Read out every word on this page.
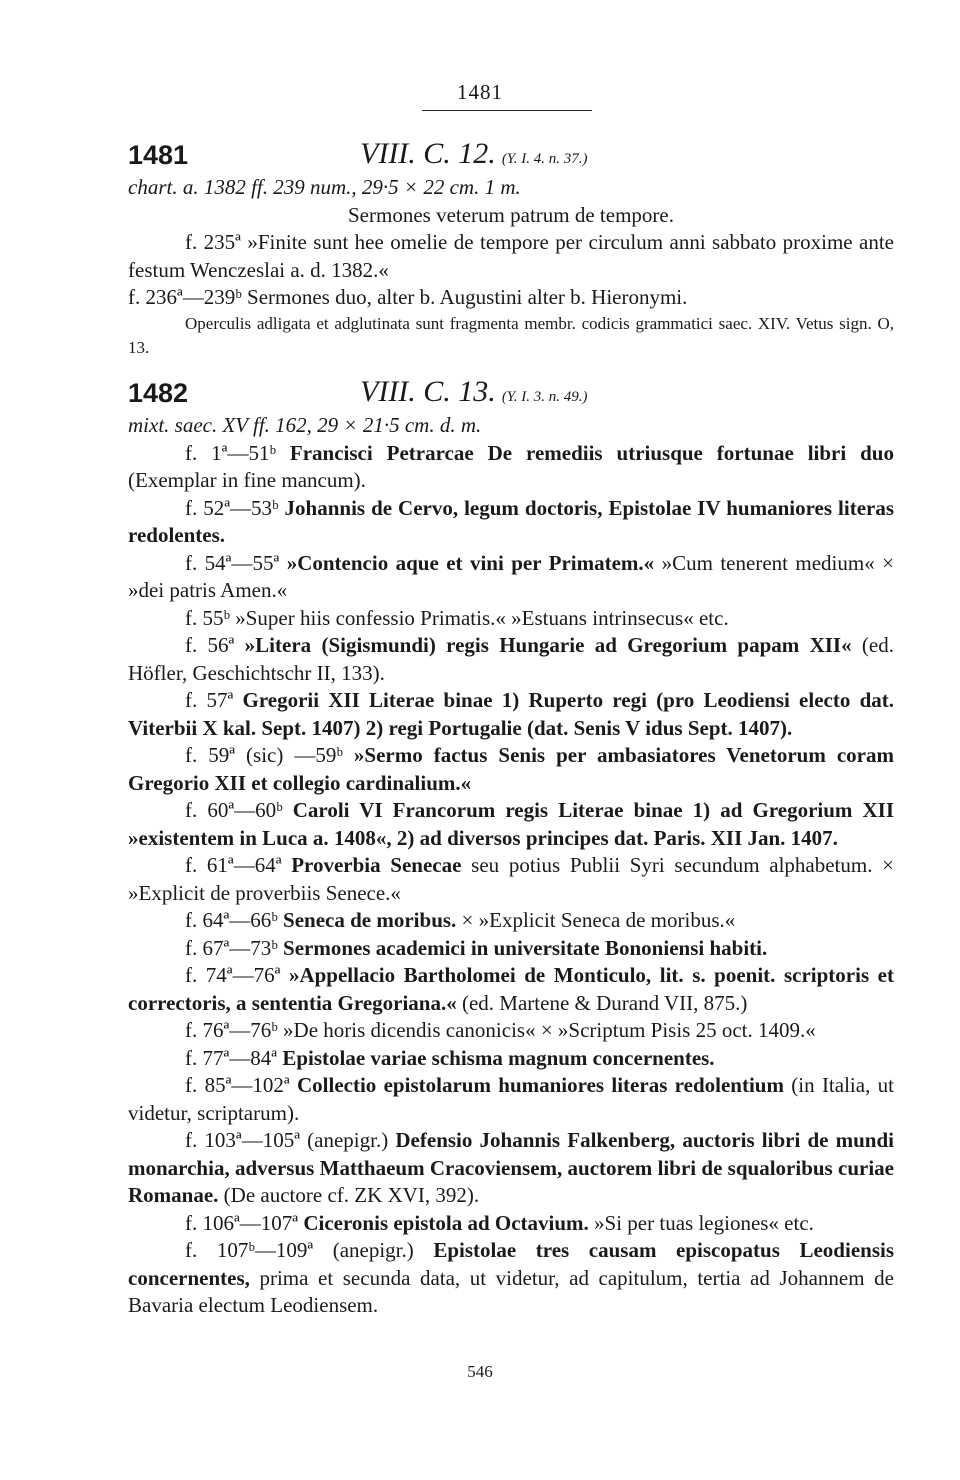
1481
1481	VIII. C. 12. (Y. I. 4. n. 37.)

chart. a. 1382 ff. 239 num., 29·5 × 22 cm. 1 m.

Sermones veterum patrum de tempore.

f. 235ª »Finite sunt hee omelie de tempore per circulum anni sabbato proxime ante festum Wenczeslai a. d. 1382.«

f. 236ª—239ᵇ Sermones duo, alter b. Augustini alter b. Hieronymi.

Operculis adligata et adglutinata sunt fragmenta membr. codicis grammatici saec. XIV. Vetus sign. O, 13.

1482	VIII. C. 13. (Y. I. 3. n. 49.)

mixt. saec. XV ff. 162, 29 × 21·5 cm. d. m.

f. 1ª—51ᵇ Francisci Petrarcae De remediis utriusque fortunae libri duo (Exemplar in fine mancum).

f. 52ª—53ᵇ Johannis de Cervo, legum doctoris, Epistolae IV humaniores literas redolentes.

f. 54ª—55ª »Contencio aque et vini per Primatem.« »Cum tenerent medium« × »dei patris Amen.«

f. 55ᵇ »Super hiis confessio Primatis.« »Estuans intrinsecus« etc.

f. 56ª »Litera (Sigismundi) regis Hungarie ad Gregorium papam XII« (ed. Höfler, Geschichtschr II, 133).

f. 57ª Gregorii XII Literae binae 1) Ruperto regi (pro Leodiensi electo dat. Viterbii X kal. Sept. 1407) 2) regi Portugalie (dat. Senis V idus Sept. 1407).

f. 59ª (sic) —59ᵇ »Sermo factus Senis per ambasiatores Venetorum coram Gregorio XII et collegio cardinalium.«

f. 60ª—60ᵇ Caroli VI Francorum regis Literae binae 1) ad Gregorium XII »existentem in Luca a. 1408«, 2) ad diversos principes dat. Paris. XII Jan. 1407.

f. 61ª—64ª Proverbia Senecae seu potius Publii Syri secundum alphabetum. × »Explicit de proverbiis Senece.«

f. 64ª—66ᵇ Seneca de moribus. × »Explicit Seneca de moribus.«

f. 67ª—73ᵇ Sermones academici in universitate Bononiensi habiti.

f. 74ª—76ª »Appellacio Bartholomei de Monticulo, lit. s. poenit. scriptoris et correctoris, a sententia Gregoriana.« (ed. Martene & Durand VII, 875.)

f. 76ª—76ᵇ »De horis dicendis canonicis« × »Scriptum Pisis 25 oct. 1409.«

f. 77ª—84ª Epistolae variae schisma magnum concernentes.

f. 85ª—102ª Collectio epistolarum humaniores literas redolentium (in Italia, ut videtur, scriptarum).

f. 103ª—105ª (anepigr.) Defensio Johannis Falkenberg, auctoris libri de mundi monarchia, adversus Matthaeum Cracoviensem, auctorem libri de squaloribus curiae Romanae. (De auctore cf. ZK XVI, 392).

f. 106ª—107ª Ciceronis epistola ad Octavium. »Si per tuas legiones« etc.

f. 107ᵇ—109ª (anepigr.) Epistolae tres causam episcopatus Leodiensis concernentes, prima et secunda data, ut videtur, ad capitulum, tertia ad Johannem de Bavaria electum Leodiensem.

546
